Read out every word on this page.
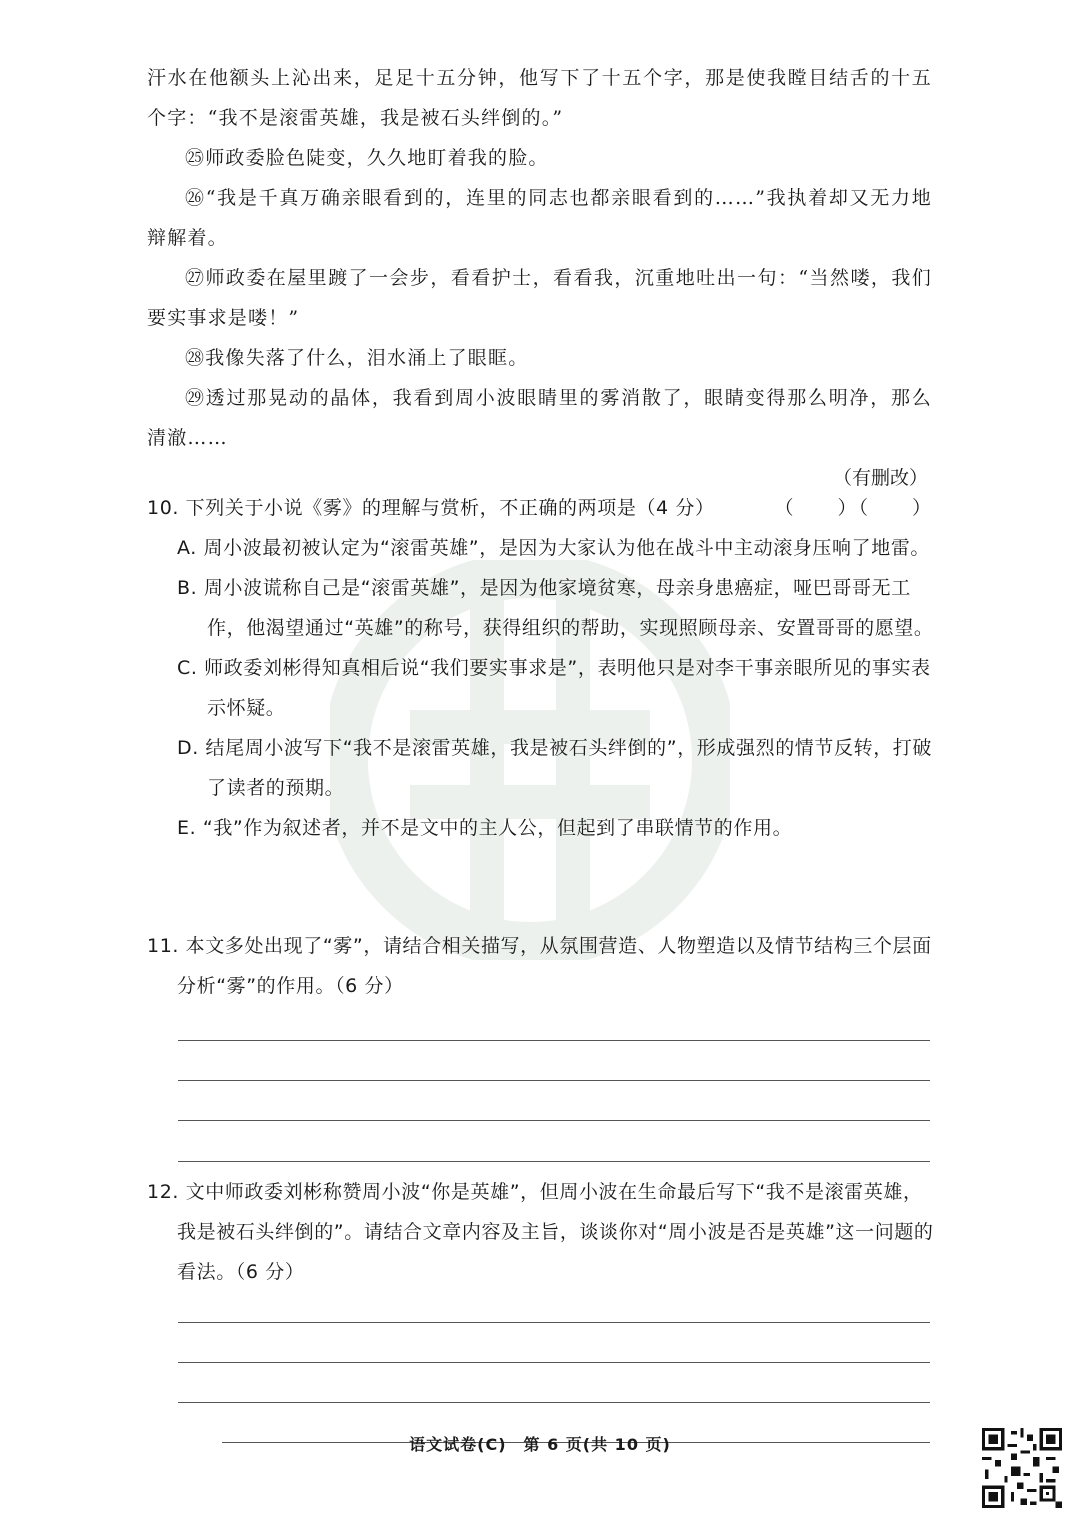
汗水在他额头上沁出来，足足十五分钟，他写下了十五个字，那是使我瞠目结舌的十五个字：“我不是滚雷英雄，我是被石头绊倒的。”

㉕师政委脸色陡变，久久地盯着我的脸。

㉖“我是千真万确亲眼看到的，连里的同志也都亲眼看到的……”我执着却又无力地辩解着。

㉗师政委在屋里踱了一会步，看看护士，看看我，沉重地吐出一句：“当然喽，我们要实事求是喽！”

㉘我像失落了什么，泪水涌上了眼眶。

㉙透过那晃动的晶体，我看到周小波眼睛里的雾消散了，眼睛变得那么明净，那么清澈……

（有删改）

10. 下列关于小说《雾》的理解与赏析，不正确的两项是（4 分）	（　　）（　　）

A. 周小波最初被认定为“滚雷英雄”，是因为大家认为他在战斗中主动滚身压响了地雷。

B. 周小波谎称自己是“滚雷英雄”，是因为他家境贫寒，母亲身患癌症，哑巴哥哥无工作，他渴望通过“英雄”的称号，获得组织的帮助，实现照顾母亲、安置哥哥的愿望。

C. 师政委刘彬得知真相后说“我们要实事求是”，表明他只是对李干事亲眼所见的事实表示怀疑。

D. 结尾周小波写下“我不是滚雷英雄，我是被石头绊倒的”，形成强烈的情节反转，打破了读者的预期。

E. “我”作为叙述者，并不是文中的主人公，但起到了串联情节的作用。

11. 本文多处出现了“雾”，请结合相关描写，从氛围营造、人物塑造以及情节结构三个层面分析“雾”的作用。（6 分）

12. 文中师政委刘彬称赞周小波“你是英雄”，但周小波在生命最后写下“我不是滚雷英雄，我是被石头绊倒的”。请结合文章内容及主旨，谈谈你对“周小波是否是英雄”这一问题的看法。（6 分）

语文试卷(C)　第 6 页(共 10 页)
